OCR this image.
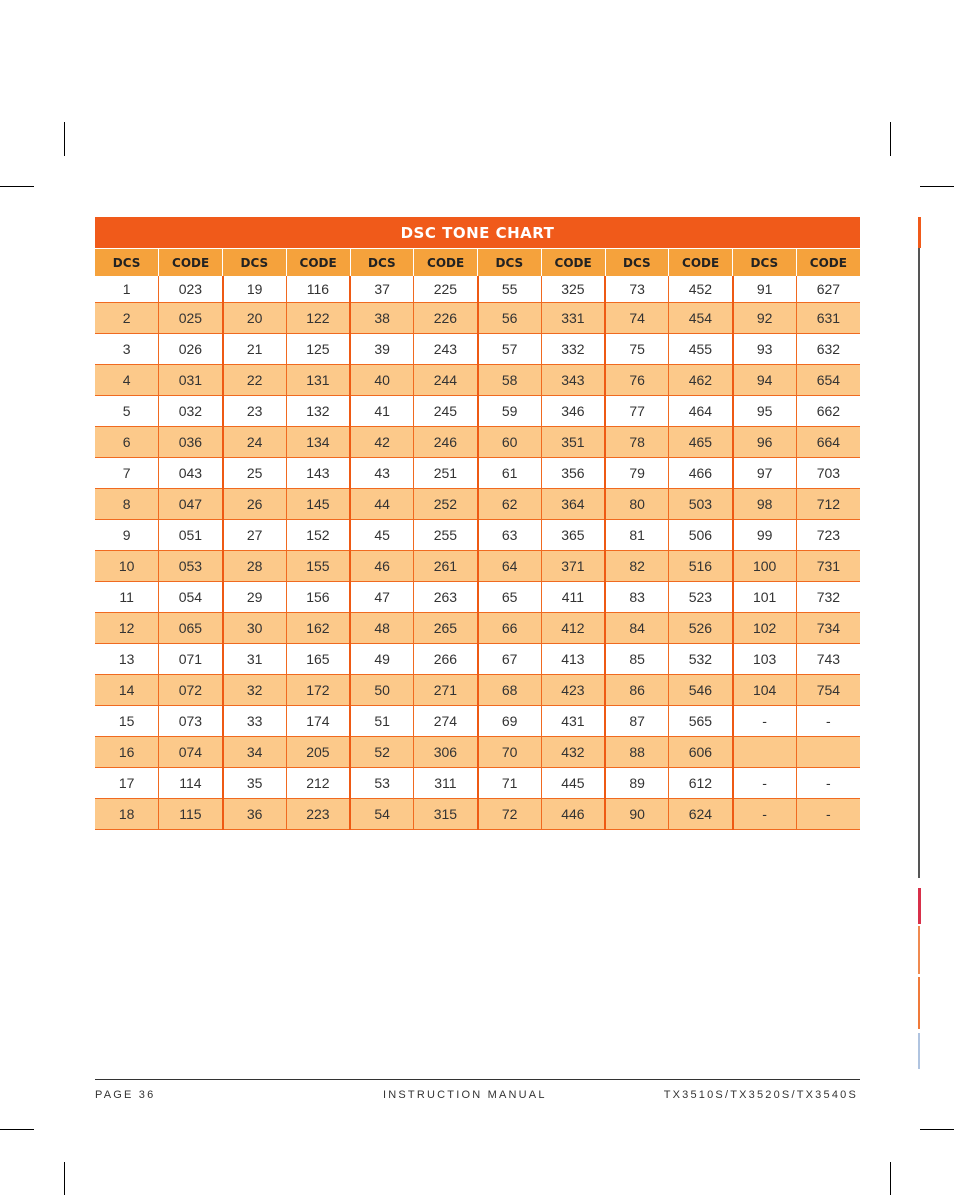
DSC TONE CHART
DCS	CODE	DCS	CODE	DCS	CODE	DCS	CODE	DCS	CODE	DCS	CODE
1	023	19	116	37	225	55	325	73	452	91	627
2	025	20	122	38	226	56	331	74	454	92	631
3	026	21	125	39	243	57	332	75	455	93	632
4	031	22	131	40	244	58	343	76	462	94	654
5	032	23	132	41	245	59	346	77	464	95	662
6	036	24	134	42	246	60	351	78	465	96	664
7	043	25	143	43	251	61	356	79	466	97	703
8	047	26	145	44	252	62	364	80	503	98	712
9	051	27	152	45	255	63	365	81	506	99	723
10	053	28	155	46	261	64	371	82	516	100	731
11	054	29	156	47	263	65	411	83	523	101	732
12	065	30	162	48	265	66	412	84	526	102	734
13	071	31	165	49	266	67	413	85	532	103	743
14	072	32	172	50	271	68	423	86	546	104	754
15	073	33	174	51	274	69	431	87	565	-	-
16	074	34	205	52	306	70	432	88	606		
17	114	35	212	53	311	71	445	89	612	-	-
18	115	36	223	54	315	72	446	90	624	-	-
PAGE 36	INSTRUCTION MANUAL	TX3510S/TX3520S/TX3540S
